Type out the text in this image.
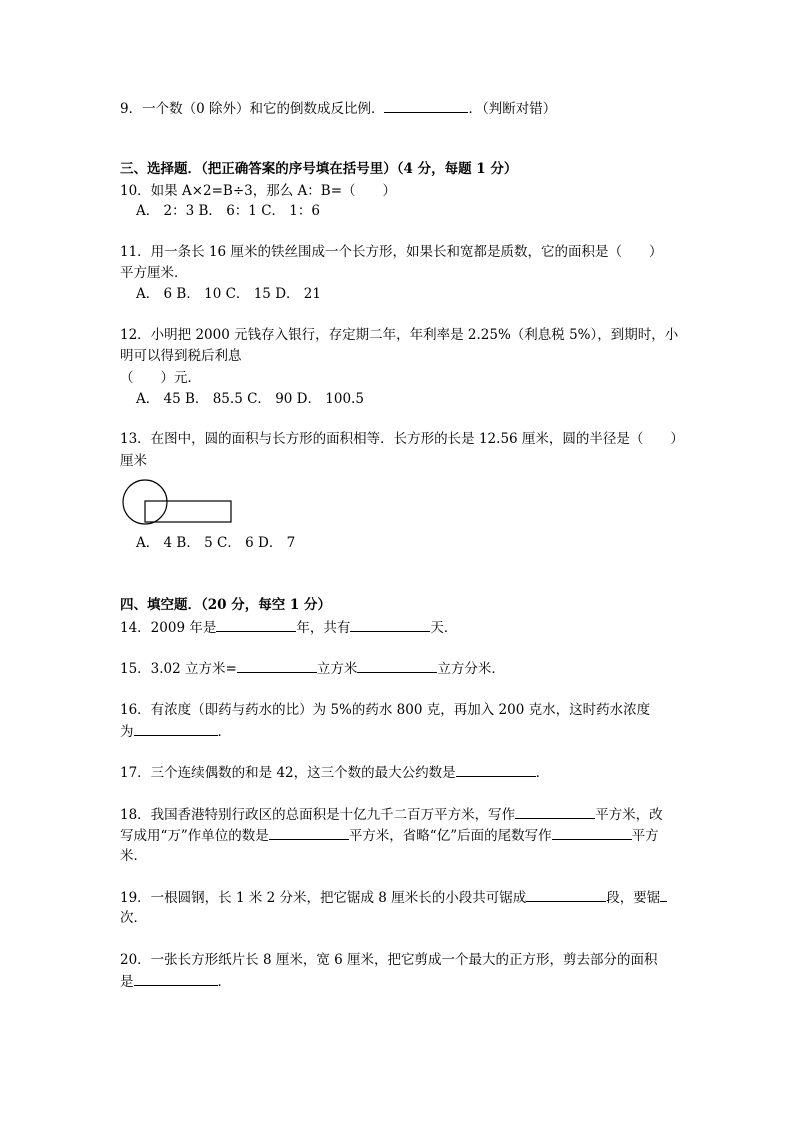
9．一个数（0 除外）和它的倒数成反比例．	．（判断对错）
三、选择题．（把正确答案的序号填在括号里）（4 分，每题 1 分）
10．如果 A×2=B÷3，那么 A：B=（　　）
A． 2：3 B． 6：1 C． 1：6
11．用一条长 16 厘米的铁丝围成一个长方形，如果长和宽都是质数，它的面积是（　　）
平方厘米．
A． 6 B． 10 C． 15 D． 21
12．小明把 2000 元钱存入银行，存定期二年，年利率是 2.25%（利息税 5%），到期时，小
明可以得到税后利息
（　　）元．
A． 45 B． 85.5 C． 90 D． 100.5
13．在图中，圆的面积与长方形的面积相等．长方形的长是 12.56 厘米，圆的半径是（　　）
厘米
A． 4 B． 5 C． 6 D． 7
四、填空题．（20 分，每空 1 分）
14．2009 年是	年，共有	天．
15．3.02 立方米=	立方米	立方分米．
16．有浓度（即药与药水的比）为 5%的药水 800 克，再加入 200 克水，这时药水浓度
为	．
17．三个连续偶数的和是 42，这三个数的最大公约数是	．
18．我国香港特别行政区的总面积是十亿九千二百万平方米，写作	平方米，改
写成用“万”作单位的数是	平方米，省略“亿”后面的尾数写作	平方
米．
19．一根圆钢，长 1 米 2 分米，把它锯成 8 厘米长的小段共可锯成	段，要锯
次．
20．一张长方形纸片长 8 厘米，宽 6 厘米，把它剪成一个最大的正方形，剪去部分的面积
是	．
